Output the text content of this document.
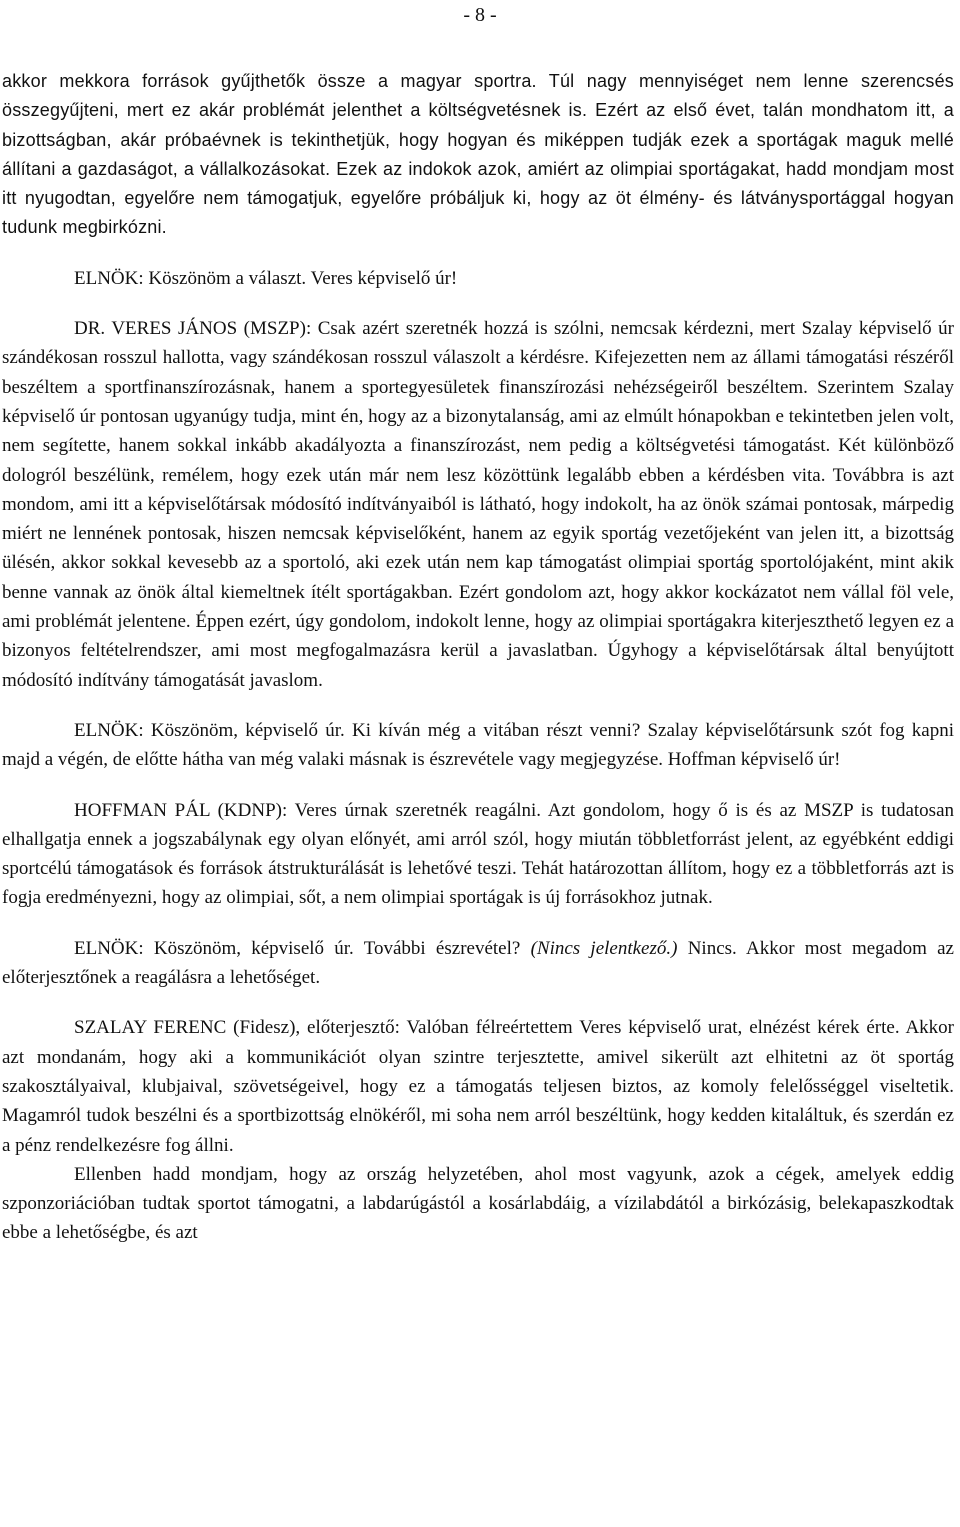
- 8 -

akkor mekkora források gyűjthetők össze a magyar sportra. Túl nagy mennyiséget nem lenne szerencsés összegyűjteni, mert ez akár problémát jelenthet a költségvetésnek is. Ezért az első évet, talán mondhatom itt, a bizottságban, akár próbaévnek is tekinthetjük, hogy hogyan és miképpen tudják ezek a sportágak maguk mellé állítani a gazdaságot, a vállalkozásokat. Ezek az indokok azok, amiért az olimpiai sportágakat, hadd mondjam most itt nyugodtan, egyelőre nem támogatjuk, egyelőre próbáljuk ki, hogy az öt élmény- és látványsportággal hogyan tudunk megbirkózni.

ELNÖK: Köszönöm a választ. Veres képviselő úr!

DR. VERES JÁNOS (MSZP): Csak azért szeretnék hozzá is szólni, nemcsak kérdezni, mert Szalay képviselő úr szándékosan rosszul hallotta, vagy szándékosan rosszul válaszolt a kérdésre. Kifejezetten nem az állami támogatási részéről beszéltem a sportfinanszírozásnak, hanem a sportegyesületek finanszírozási nehézségeiről beszéltem. Szerintem Szalay képviselő úr pontosan ugyanúgy tudja, mint én, hogy az a bizonytalanság, ami az elmúlt hónapokban e tekintetben jelen volt, nem segítette, hanem sokkal inkább akadályozta a finanszírozást, nem pedig a költségvetési támogatást. Két különböző dologról beszélünk, remélem, hogy ezek után már nem lesz közöttünk legalább ebben a kérdésben vita. Továbbra is azt mondom, ami itt a képviselőtársak módosító indítványaiból is látható, hogy indokolt, ha az önök számai pontosak, márpedig miért ne lennének pontosak, hiszen nemcsak képviselőként, hanem az egyik sportág vezetőjeként van jelen itt, a bizottság ülésén, akkor sokkal kevesebb az a sportoló, aki ezek után nem kap támogatást olimpiai sportág sportolójaként, mint akik benne vannak az önök által kiemeltnek ítélt sportágakban. Ezért gondolom azt, hogy akkor kockázatot nem vállal föl vele, ami problémát jelentene. Éppen ezért, úgy gondolom, indokolt lenne, hogy az olimpiai sportágakra kiterjeszthető legyen ez a bizonyos feltételrendszer, ami most megfogalmazásra kerül a javaslatban. Úgyhogy a képviselőtársak által benyújtott módosító indítvány támogatását javaslom.

ELNÖK: Köszönöm, képviselő úr. Ki kíván még a vitában részt venni? Szalay képviselőtársunk szót fog kapni majd a végén, de előtte hátha van még valaki másnak is észrevétele vagy megjegyzése. Hoffman képviselő úr!

HOFFMAN PÁL (KDNP): Veres úrnak szeretnék reagálni. Azt gondolom, hogy ő is és az MSZP is tudatosan elhallgatja ennek a jogszabálynak egy olyan előnyét, ami arról szól, hogy miután többletforrást jelent, az egyébként eddigi sportcélú támogatások és források átstrukturálását is lehetővé teszi. Tehát határozottan állítom, hogy ez a többletforrás azt is fogja eredményezni, hogy az olimpiai, sőt, a nem olimpiai sportágak is új forrásokhoz jutnak.

ELNÖK: Köszönöm, képviselő úr. További észrevétel? (Nincs jelentkező.) Nincs. Akkor most megadom az előterjesztőnek a reagálásra a lehetőséget.

SZALAY FERENC (Fidesz), előterjesztő: Valóban félreértettem Veres képviselő urat, elnézést kérek érte. Akkor azt mondanám, hogy aki a kommunikációt olyan szintre terjesztette, amivel sikerült azt elhitetni az öt sportág szakosztályaival, klubjaival, szövetségeivel, hogy ez a támogatás teljesen biztos, az komoly felelősséggel viseltetik. Magamról tudok beszélni és a sportbizottság elnökéről, mi soha nem arról beszéltünk, hogy kedden kitaláltuk, és szerdán ez a pénz rendelkezésre fog állni.

Ellenben hadd mondjam, hogy az ország helyzetében, ahol most vagyunk, azok a cégek, amelyek eddig szponzoriációban tudtak sportot támogatni, a labdarúgástól a kosárlabdáig, a vízilabdától a birkózásig, belekapaszkodtak ebbe a lehetőségbe, és azt
